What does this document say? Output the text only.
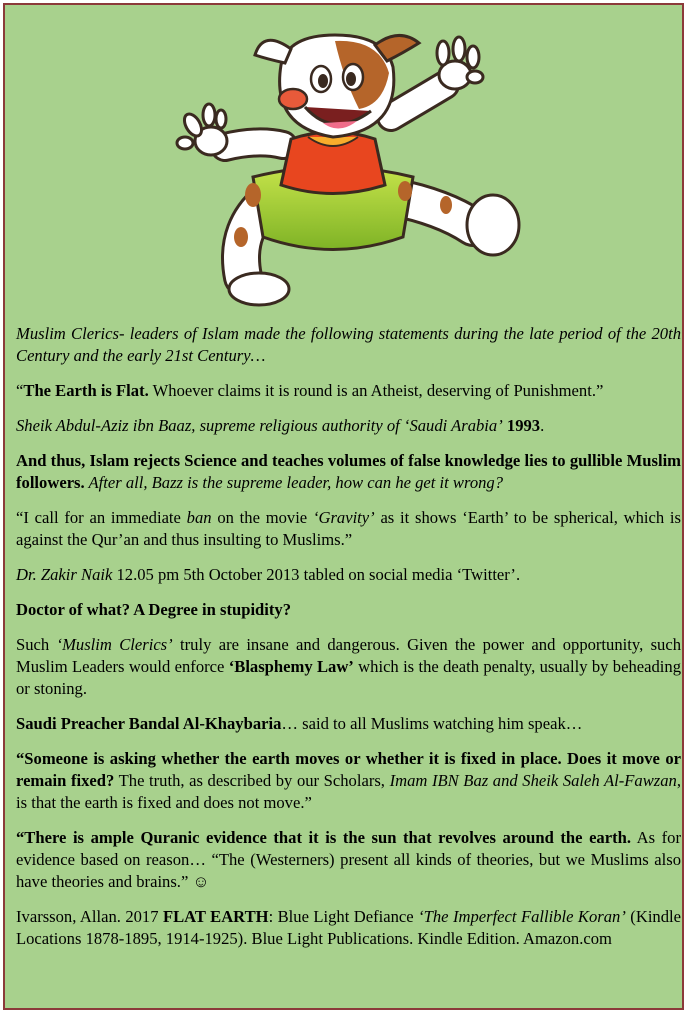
Muslim Clerics- leaders of Islam made the following statements during the late period of the 20th Century and the early 21st Century…

“The Earth is Flat. Whoever claims it is round is an Atheist, deserving of Punishment.”

Sheik Abdul-Aziz ibn Baaz, supreme religious authority of ‘Saudi Arabia’ 1993.

And thus, Islam rejects Science and teaches volumes of false knowledge lies to gullible Muslim followers. After all, Bazz is the supreme leader, how can he get it wrong?

“I call for an immediate ban on the movie ‘Gravity’ as it shows ‘Earth’ to be spherical, which is against the Qur’an and thus insulting to Muslims.”

Dr. Zakir Naik 12.05 pm 5th October 2013 tabled on social media ‘Twitter’.

Doctor of what? A Degree in stupidity?

Such ‘Muslim Clerics’ truly are insane and dangerous. Given the power and opportunity, such Muslim Leaders would enforce ‘Blasphemy Law’ which is the death penalty, usually by beheading or stoning.

Saudi Preacher Bandal Al-Khaybaria… said to all Muslims watching him speak…

“Someone is asking whether the earth moves or whether it is fixed in place. Does it move or remain fixed? The truth, as described by our Scholars, Imam IBN Baz and Sheik Saleh Al-Fawzan, is that the earth is fixed and does not move.”

“There is ample Quranic evidence that it is the sun that revolves around the earth. As for evidence based on reason… “The (Westerners) present all kinds of theories, but we Muslims also have theories and brains.” ☺

Ivarsson, Allan. 2017 FLAT EARTH: Blue Light Defiance ‘The Imperfect Fallible Koran’ (Kindle Locations 1878-1895, 1914-1925). Blue Light Publications. Kindle Edition. Amazon.com
